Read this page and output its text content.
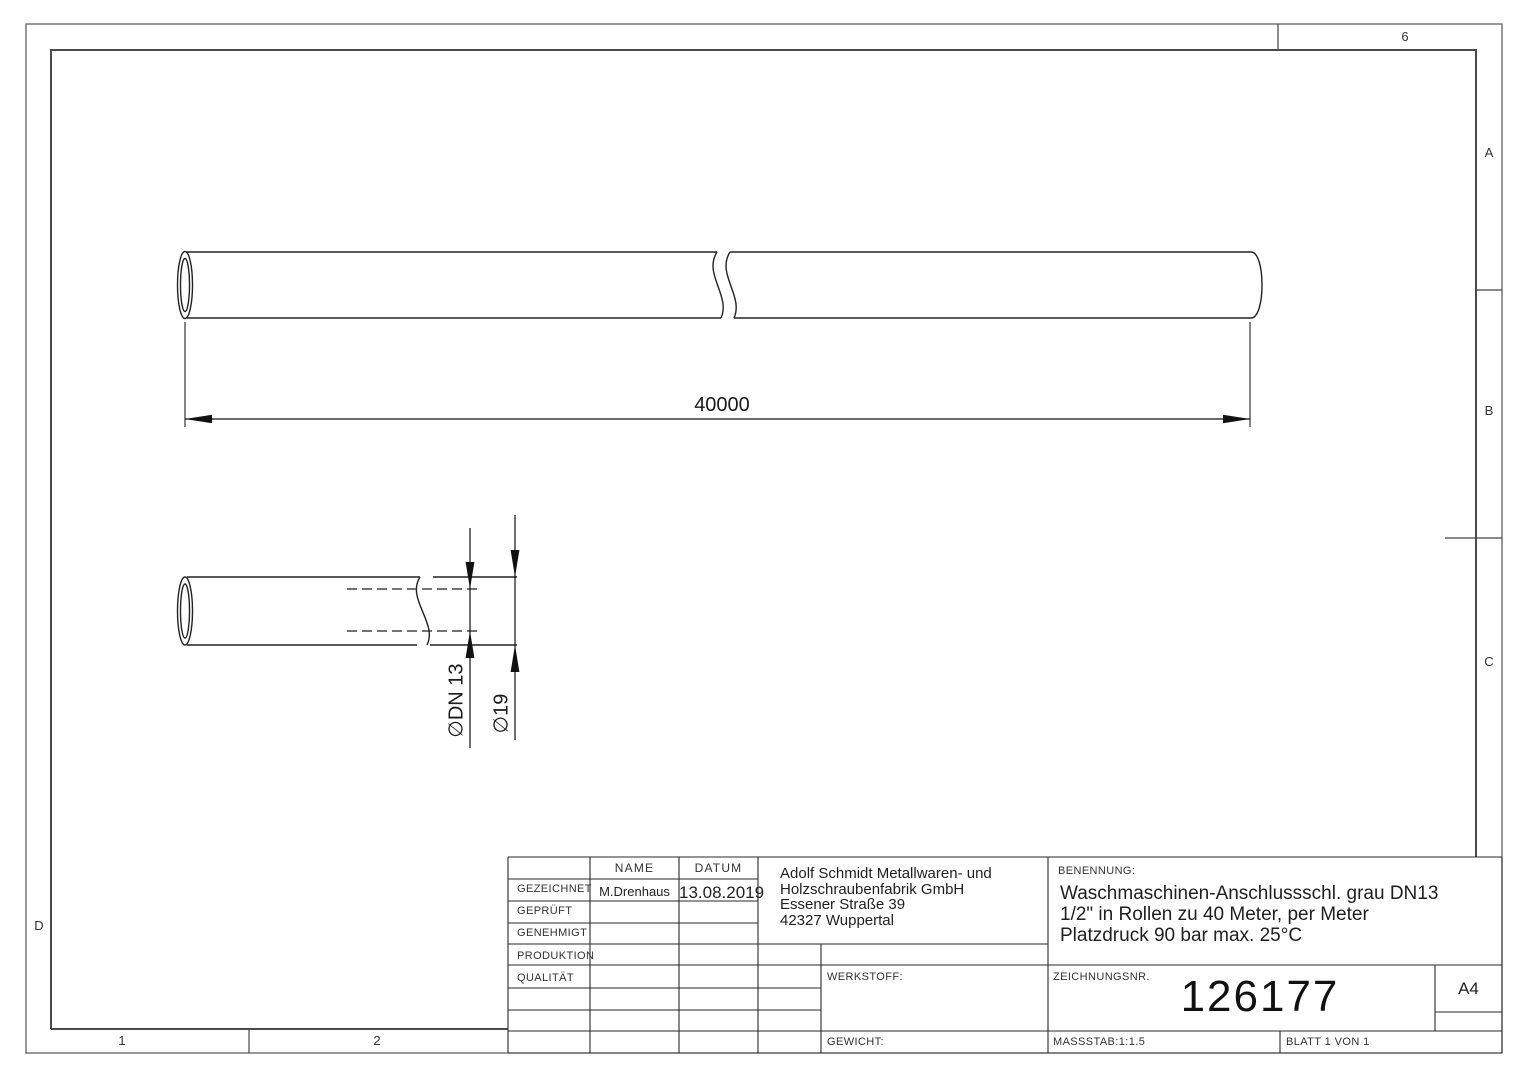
6
A
B
C
D
1	2
40000
∅DN 13 ∅19
NAME	DATUM
GEZEICHNET M.Drenhaus 13.08.2019
GEPRÜFT
GENEHMIGT
PRODUKTION
QUALITÄT
Adolf Schmidt Metallwaren- und
Holzschraubenfabrik GmbH
Essener Straße 39
42327 Wuppertal
BENENNUNG:
Waschmaschinen-Anschlussschl. grau DN13
1/2" in Rollen zu 40 Meter, per Meter
Platzdruck 90 bar max. 25°C
WERKSTOFF:	ZEICHNUNGSNR. 126177	A4
GEWICHT:	MASSSTAB:1:1.5	BLATT 1 VON 1
